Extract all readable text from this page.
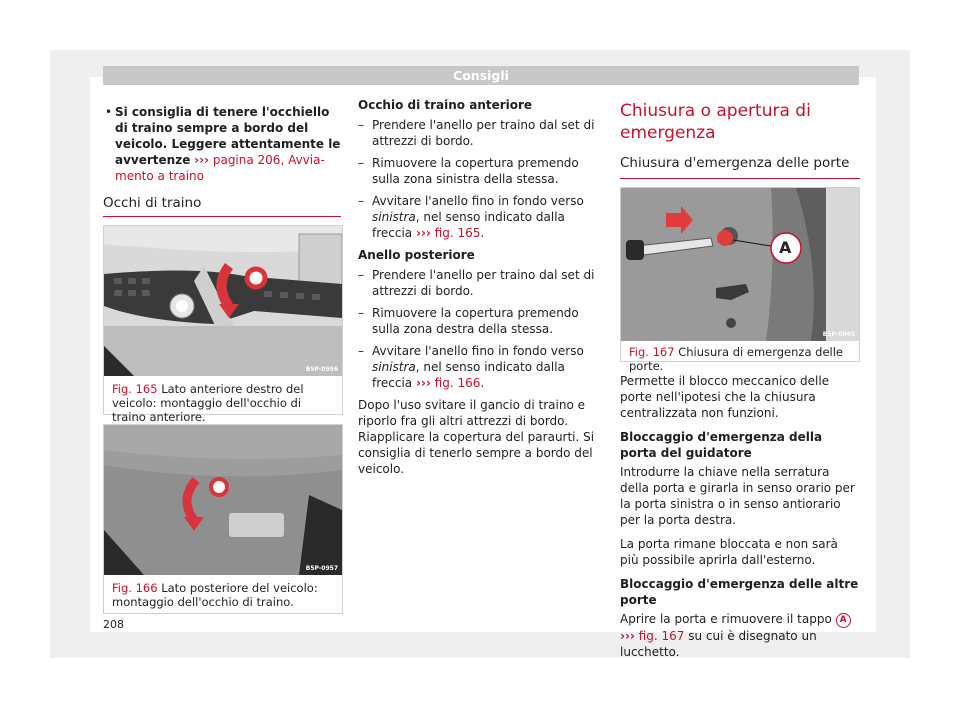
Consigli

• Si consiglia di tenere l'occhiello di traino sempre a bordo del veicolo. Leggere attentamente le avvertenze ››› pagina 206, Avviamento a traino

Occhi di traino
B5P-0956
Fig. 165 Lato anteriore destro del veicolo: montaggio dell'occhio di traino anteriore.
B5P-0957
Fig. 166 Lato posteriore del veicolo: montaggio dell'occhio di traino.

Occhio di traino anteriore

– Prendere l'anello per traino dal set di attrezzi di bordo.
– Rimuovere la copertura premendo sulla zona sinistra della stessa.
– Avvitare l'anello fino in fondo verso sinistra, nel senso indicato dalla freccia ››› fig. 165.

Anello posteriore

– Prendere l'anello per traino dal set di attrezzi di bordo.
– Rimuovere la copertura premendo sulla zona destra della stessa.
– Avvitare l'anello fino in fondo verso sinistra, nel senso indicato dalla freccia ››› fig. 166.

Dopo l'uso svitare il gancio di traino e riporlo fra gli altri attrezzi di bordo. Riapplicare la copertura del paraurti. Si consiglia di tenerlo sempre a bordo del veicolo.

Chiusura o apertura di emergenza
Chiusura d'emergenza delle porte
A
B5P-0845
Fig. 167 Chiusura di emergenza delle porte.

Permette il blocco meccanico delle porte nell'ipotesi che la chiusura centralizzata non funzioni.

Bloccaggio d'emergenza della porta del guidatore

Introdurre la chiave nella serratura della porta e girarla in senso orario per la porta sinistra o in senso antiorario per la porta destra.

La porta rimane bloccata e non sarà più possibile aprirla dall'esterno.

Bloccaggio d'emergenza delle altre porte

Aprire la porta e rimuovere il tappo A
››› fig. 167 su cui è disegnato un lucchetto.

208
